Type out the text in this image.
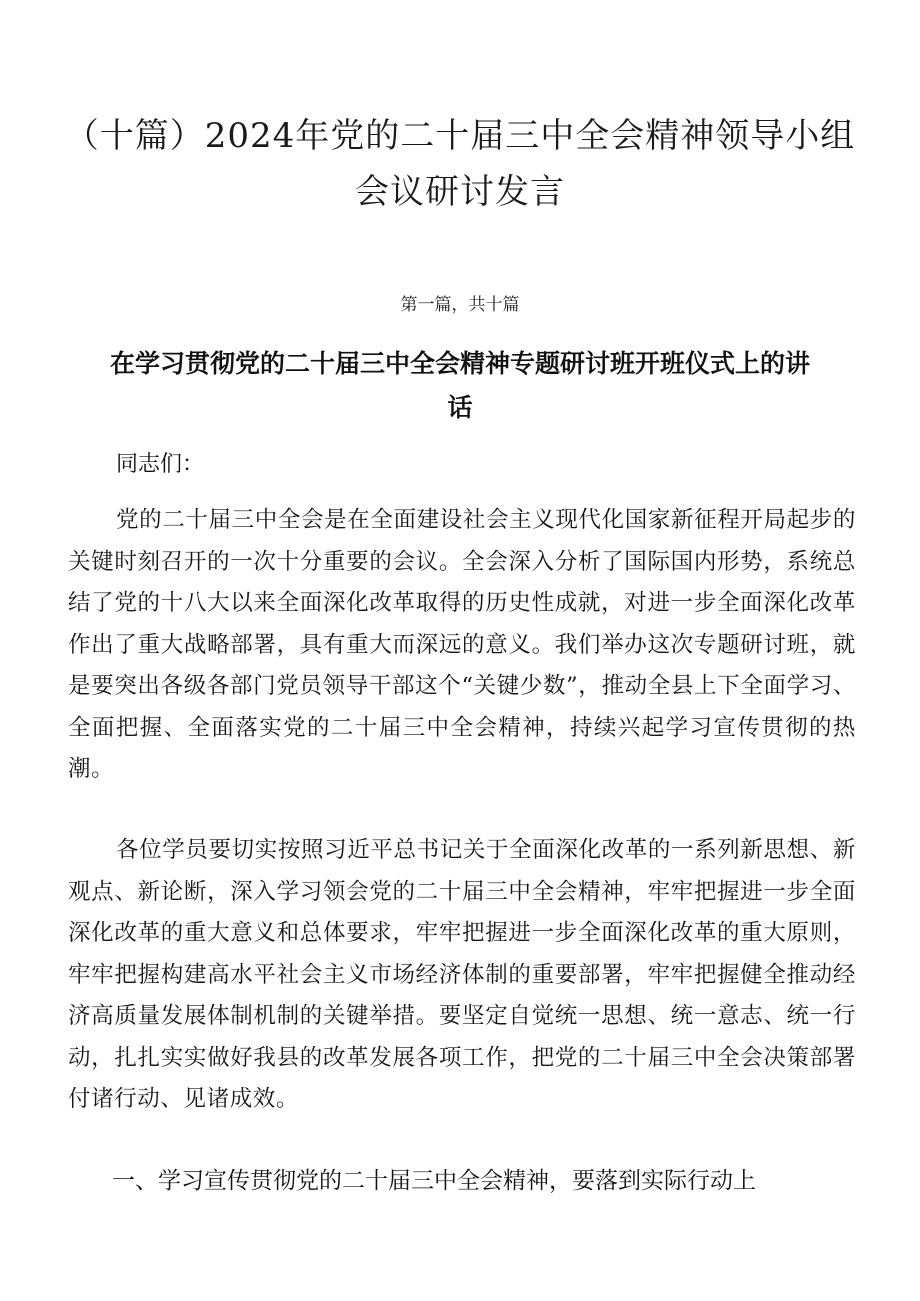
（十篇）2024年党的二十届三中全会精神领导小组会议研讨发言
第一篇，共十篇
在学习贯彻党的二十届三中全会精神专题研讨班开班仪式上的讲话
同志们：

党的二十届三中全会是在全面建设社会主义现代化国家新征程开局起步的关键时刻召开的一次十分重要的会议。全会深入分析了国际国内形势，系统总结了党的十八大以来全面深化改革取得的历史性成就，对进一步全面深化改革作出了重大战略部署，具有重大而深远的意义。我们举办这次专题研讨班，就是要突出各级各部门党员领导干部这个“关键少数”，推动全县上下全面学习、全面把握、全面落实党的二十届三中全会精神，持续兴起学习宣传贯彻的热潮。

各位学员要切实按照习近平总书记关于全面深化改革的一系列新思想、新观点、新论断，深入学习领会党的二十届三中全会精神，牢牢把握进一步全面深化改革的重大意义和总体要求，牢牢把握进一步全面深化改革的重大原则，牢牢把握构建高水平社会主义市场经济体制的重要部署，牢牢把握健全推动经济高质量发展体制机制的关键举措。要坚定自觉统一思想、统一意志、统一行动，扎扎实实做好我县的改革发展各项工作，把党的二十届三中全会决策部署付诸行动、见诸成效。

一、学习宣传贯彻党的二十届三中全会精神，要落到实际行动上
